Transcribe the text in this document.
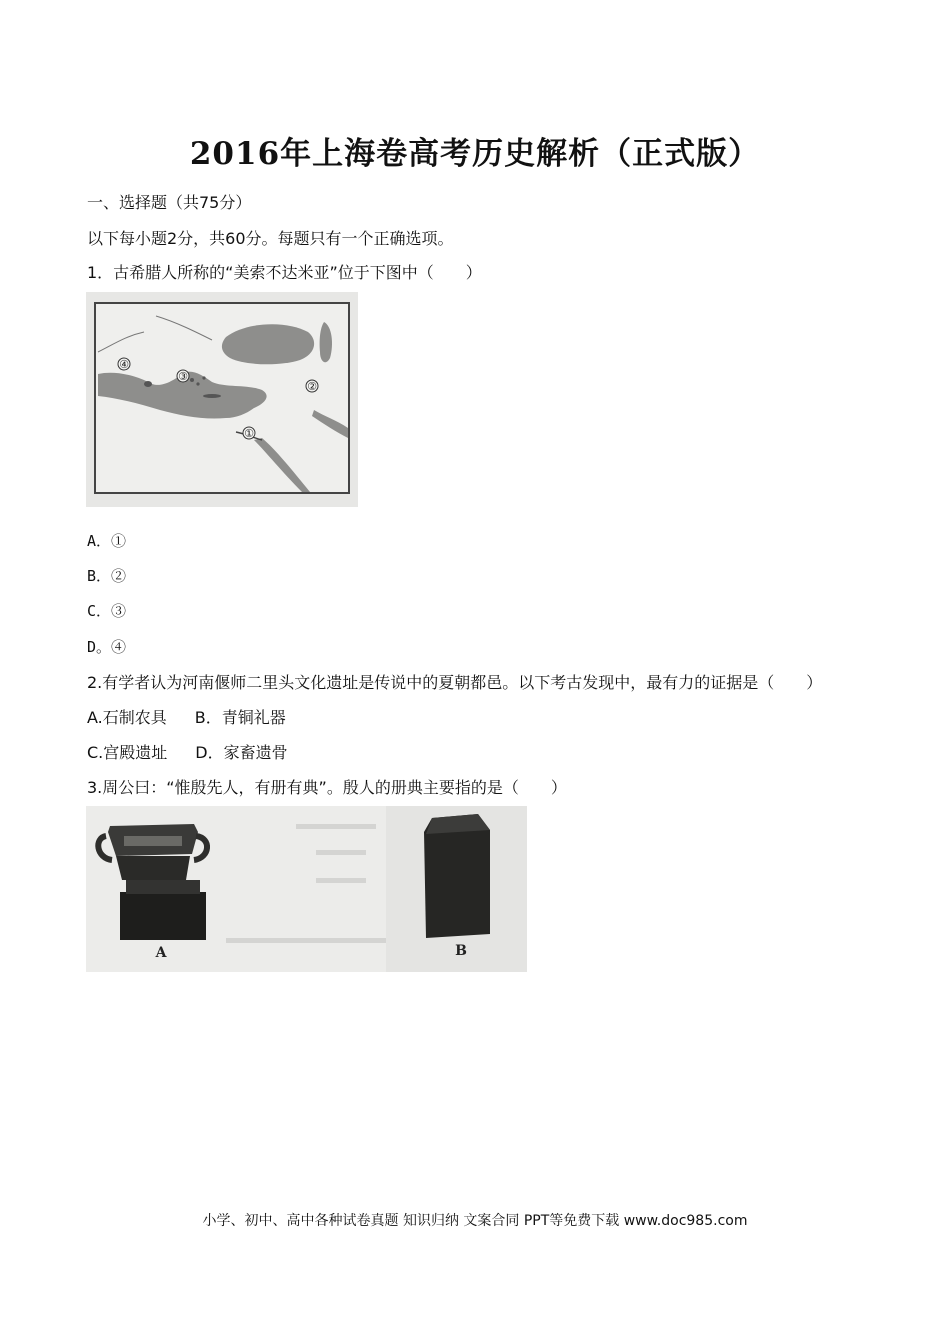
2016年上海卷高考历史解析（正式版）
一、选择题（共75分）
以下每小题2分，共60分。每题只有一个正确选项。
1．古希腊人所称的“美索不达米亚”位于下图中（　　）
①
②
③
④
A．①
B．②
C．③
D。④
2.有学者认为河南偃师二里头文化遗址是传说中的夏朝都邑。以下考古发现中，最有力的证据是（　　）
A.石制农具 B．青铜礼器
C.宫殿遗址 D．家畜遗骨
3.周公曰：“惟殷先人，有册有典”。殷人的册典主要指的是（　　）
A	B
小学、初中、高中各种试卷真题 知识归纳 文案合同 PPT等免费下载 www.doc985.com
